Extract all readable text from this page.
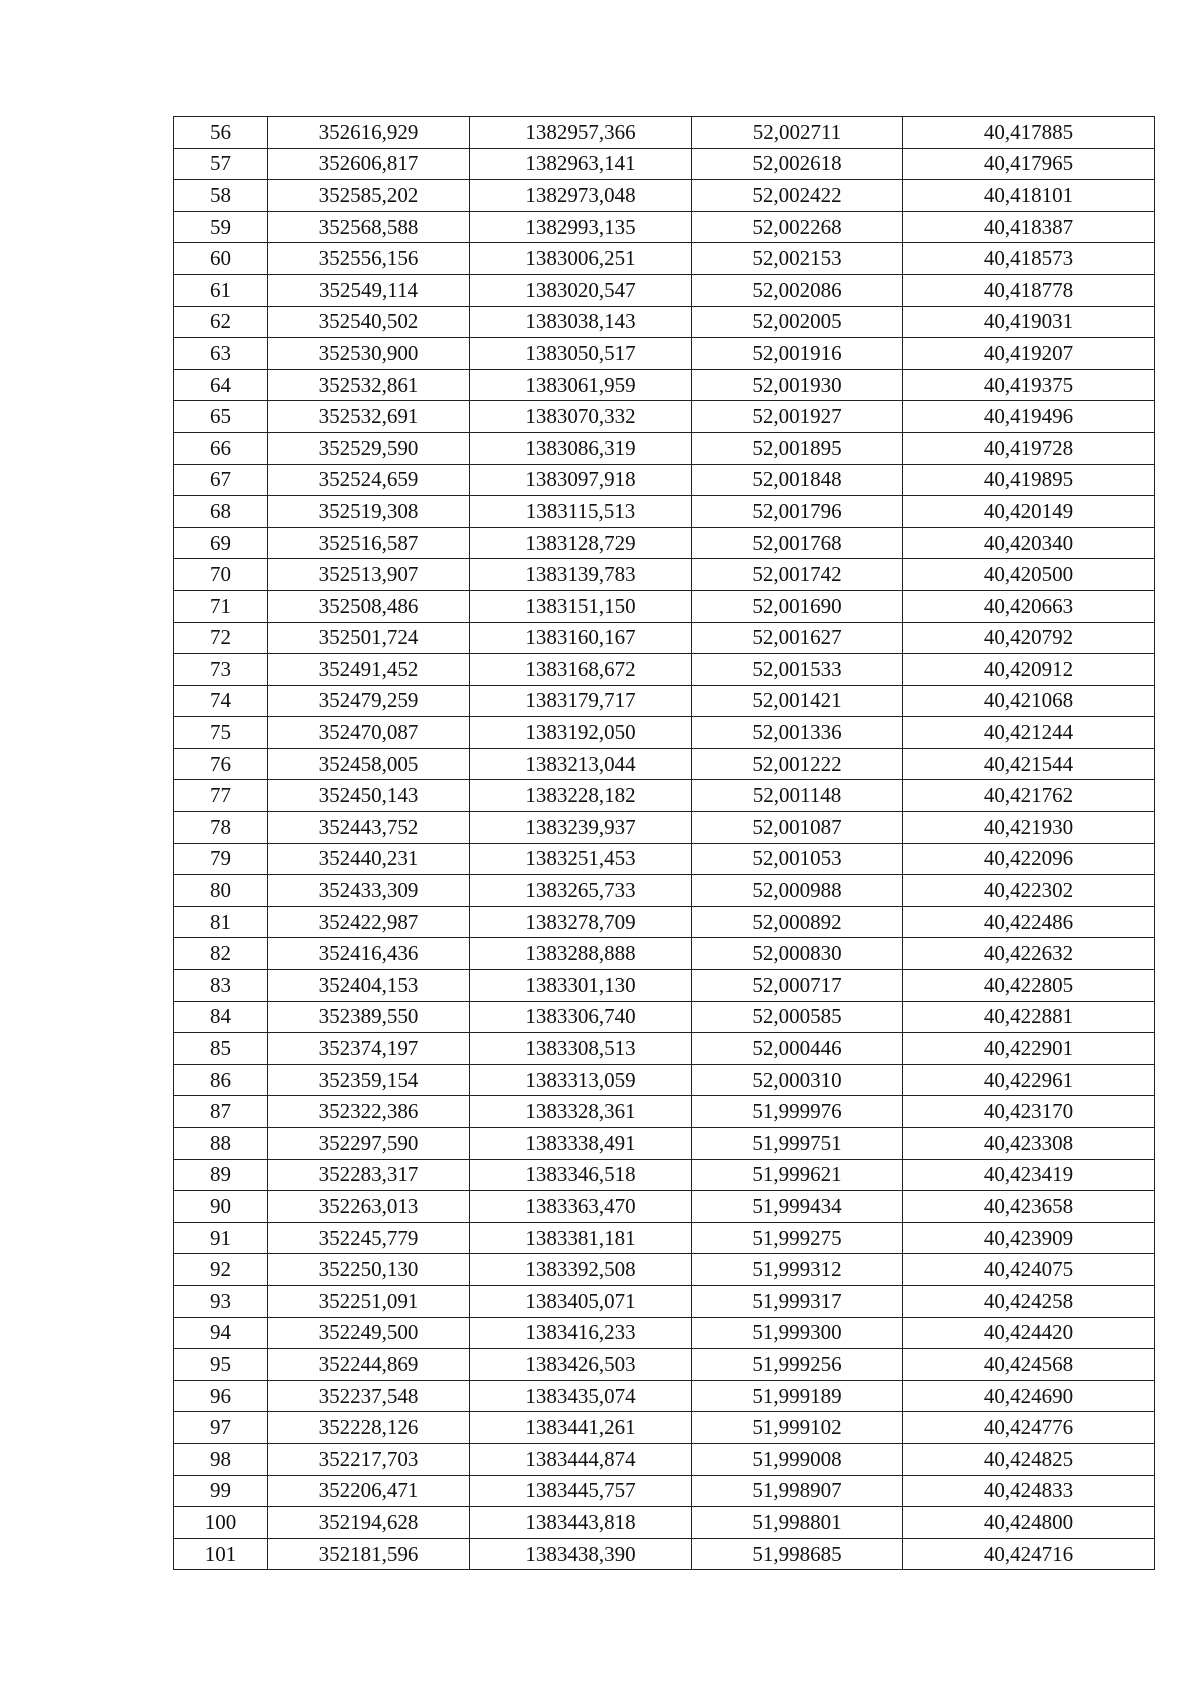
56	352616,929	1382957,366	52,002711	40,417885
57	352606,817	1382963,141	52,002618	40,417965
58	352585,202	1382973,048	52,002422	40,418101
59	352568,588	1382993,135	52,002268	40,418387
60	352556,156	1383006,251	52,002153	40,418573
61	352549,114	1383020,547	52,002086	40,418778
62	352540,502	1383038,143	52,002005	40,419031
63	352530,900	1383050,517	52,001916	40,419207
64	352532,861	1383061,959	52,001930	40,419375
65	352532,691	1383070,332	52,001927	40,419496
66	352529,590	1383086,319	52,001895	40,419728
67	352524,659	1383097,918	52,001848	40,419895
68	352519,308	1383115,513	52,001796	40,420149
69	352516,587	1383128,729	52,001768	40,420340
70	352513,907	1383139,783	52,001742	40,420500
71	352508,486	1383151,150	52,001690	40,420663
72	352501,724	1383160,167	52,001627	40,420792
73	352491,452	1383168,672	52,001533	40,420912
74	352479,259	1383179,717	52,001421	40,421068
75	352470,087	1383192,050	52,001336	40,421244
76	352458,005	1383213,044	52,001222	40,421544
77	352450,143	1383228,182	52,001148	40,421762
78	352443,752	1383239,937	52,001087	40,421930
79	352440,231	1383251,453	52,001053	40,422096
80	352433,309	1383265,733	52,000988	40,422302
81	352422,987	1383278,709	52,000892	40,422486
82	352416,436	1383288,888	52,000830	40,422632
83	352404,153	1383301,130	52,000717	40,422805
84	352389,550	1383306,740	52,000585	40,422881
85	352374,197	1383308,513	52,000446	40,422901
86	352359,154	1383313,059	52,000310	40,422961
87	352322,386	1383328,361	51,999976	40,423170
88	352297,590	1383338,491	51,999751	40,423308
89	352283,317	1383346,518	51,999621	40,423419
90	352263,013	1383363,470	51,999434	40,423658
91	352245,779	1383381,181	51,999275	40,423909
92	352250,130	1383392,508	51,999312	40,424075
93	352251,091	1383405,071	51,999317	40,424258
94	352249,500	1383416,233	51,999300	40,424420
95	352244,869	1383426,503	51,999256	40,424568
96	352237,548	1383435,074	51,999189	40,424690
97	352228,126	1383441,261	51,999102	40,424776
98	352217,703	1383444,874	51,999008	40,424825
99	352206,471	1383445,757	51,998907	40,424833
100	352194,628	1383443,818	51,998801	40,424800
101	352181,596	1383438,390	51,998685	40,424716
